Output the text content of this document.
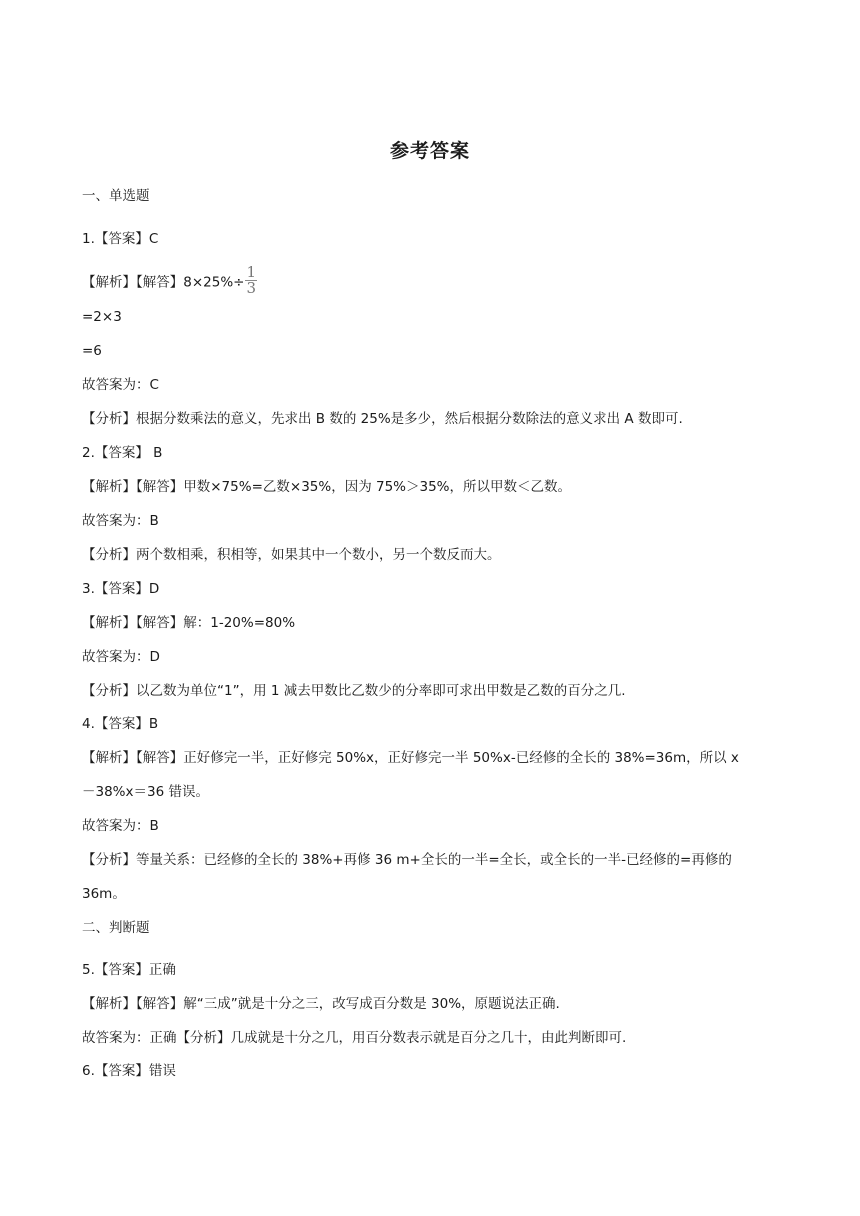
参考答案
一、单选题
1.【答案】C
【解析】【解答】$8\times 25\%\div \frac{1}{3}$
=2×3
=6
故答案为：C
【分析】根据分数乘法的意义，先求出 B 数的 25%是多少，然后根据分数除法的意义求出 A 数即可.
2.【答案】 B
【解析】【解答】甲数×75%=乙数×35%，因为 75%＞35%，所以甲数＜乙数。
故答案为：B
【分析】两个数相乘，积相等，如果其中一个数小，另一个数反而大。
3.【答案】D
【解析】【解答】解：1-20%=80%
故答案为：D
【分析】以乙数为单位“1”，用 1 减去甲数比乙数少的分率即可求出甲数是乙数的百分之几.
4.【答案】B
【解析】【解答】正好修完一半，正好修完 50%x，正好修完一半 50%x-已经修的全长的 38%=36m，所以 x
－38%x＝36 错误。
故答案为：B
【分析】等量关系：已经修的全长的 38%+再修 36 m+全长的一半=全长，或全长的一半-已经修的=再修的
36m。
二、判断题
5.【答案】正确
【解析】【解答】解“三成”就是十分之三，改写成百分数是 30%，原题说法正确.
故答案为：正确【分析】几成就是十分之几，用百分数表示就是百分之几十，由此判断即可.
6.【答案】错误
